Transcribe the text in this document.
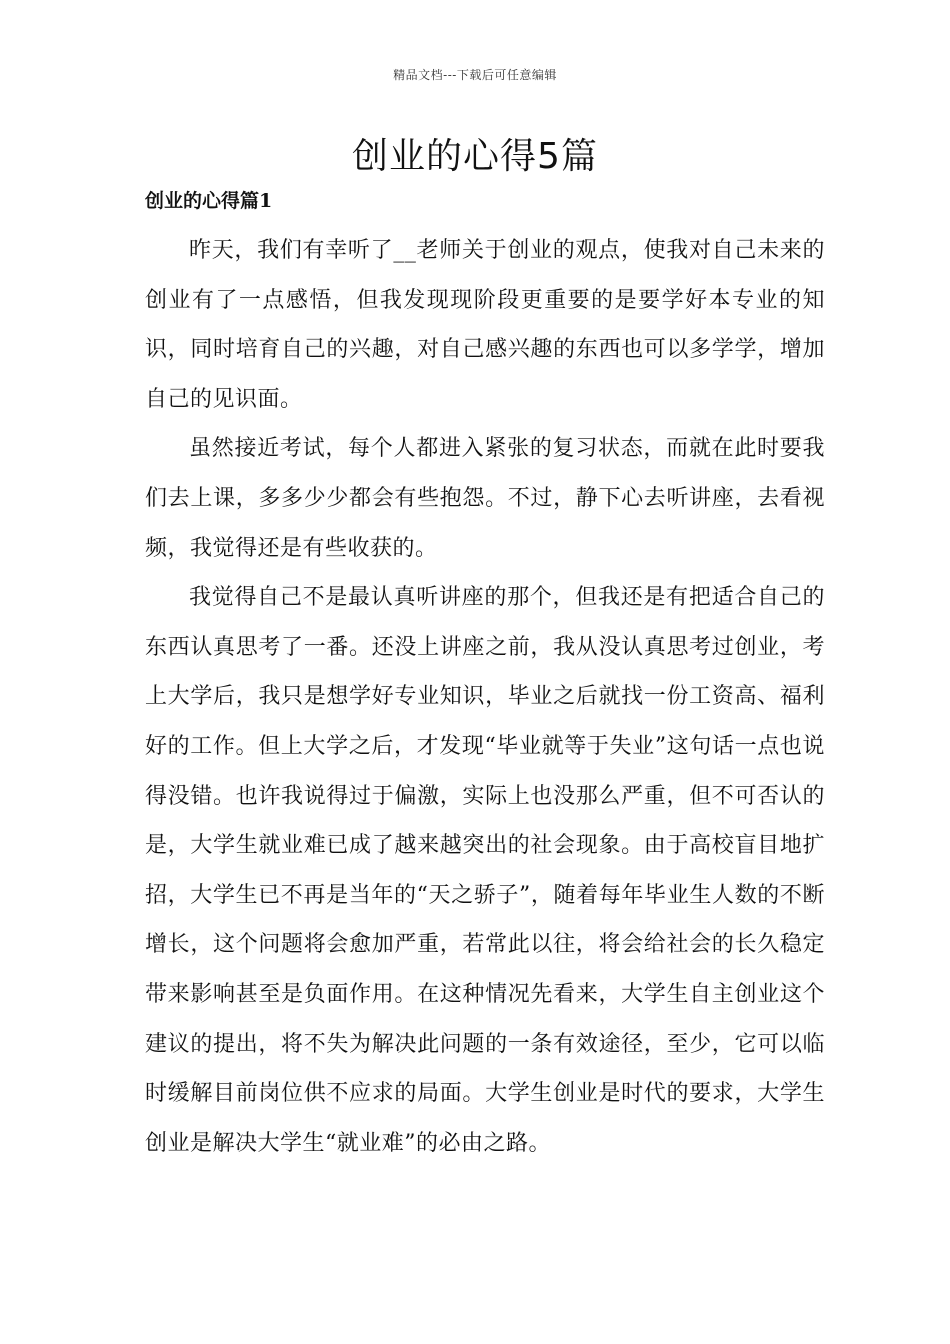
精品文档---下载后可任意编辑
创业的心得5篇
创业的心得篇1

昨天，我们有幸听了__老师关于创业的观点，使我对自己未来的创业有了一点感悟，但我发现现阶段更重要的是要学好本专业的知识，同时培育自己的兴趣，对自己感兴趣的东西也可以多学学，增加自己的见识面。

虽然接近考试，每个人都进入紧张的复习状态，而就在此时要我们去上课，多多少少都会有些抱怨。不过，静下心去听讲座，去看视频，我觉得还是有些收获的。

我觉得自己不是最认真听讲座的那个，但我还是有把适合自己的东西认真思考了一番。还没上讲座之前，我从没认真思考过创业，考上大学后，我只是想学好专业知识，毕业之后就找一份工资高、福利好的工作。但上大学之后，才发现“毕业就等于失业”这句话一点也说得没错。也许我说得过于偏激，实际上也没那么严重，但不可否认的是，大学生就业难已成了越来越突出的社会现象。由于高校盲目地扩招，大学生已不再是当年的“天之骄子”，随着每年毕业生人数的不断增长，这个问题将会愈加严重，若常此以往，将会给社会的长久稳定带来影响甚至是负面作用。在这种情况先看来，大学生自主创业这个建议的提出，将不失为解决此问题的一条有效途径，至少，它可以临时缓解目前岗位供不应求的局面。大学生创业是时代的要求，大学生创业是解决大学生“就业难”的必由之路。
